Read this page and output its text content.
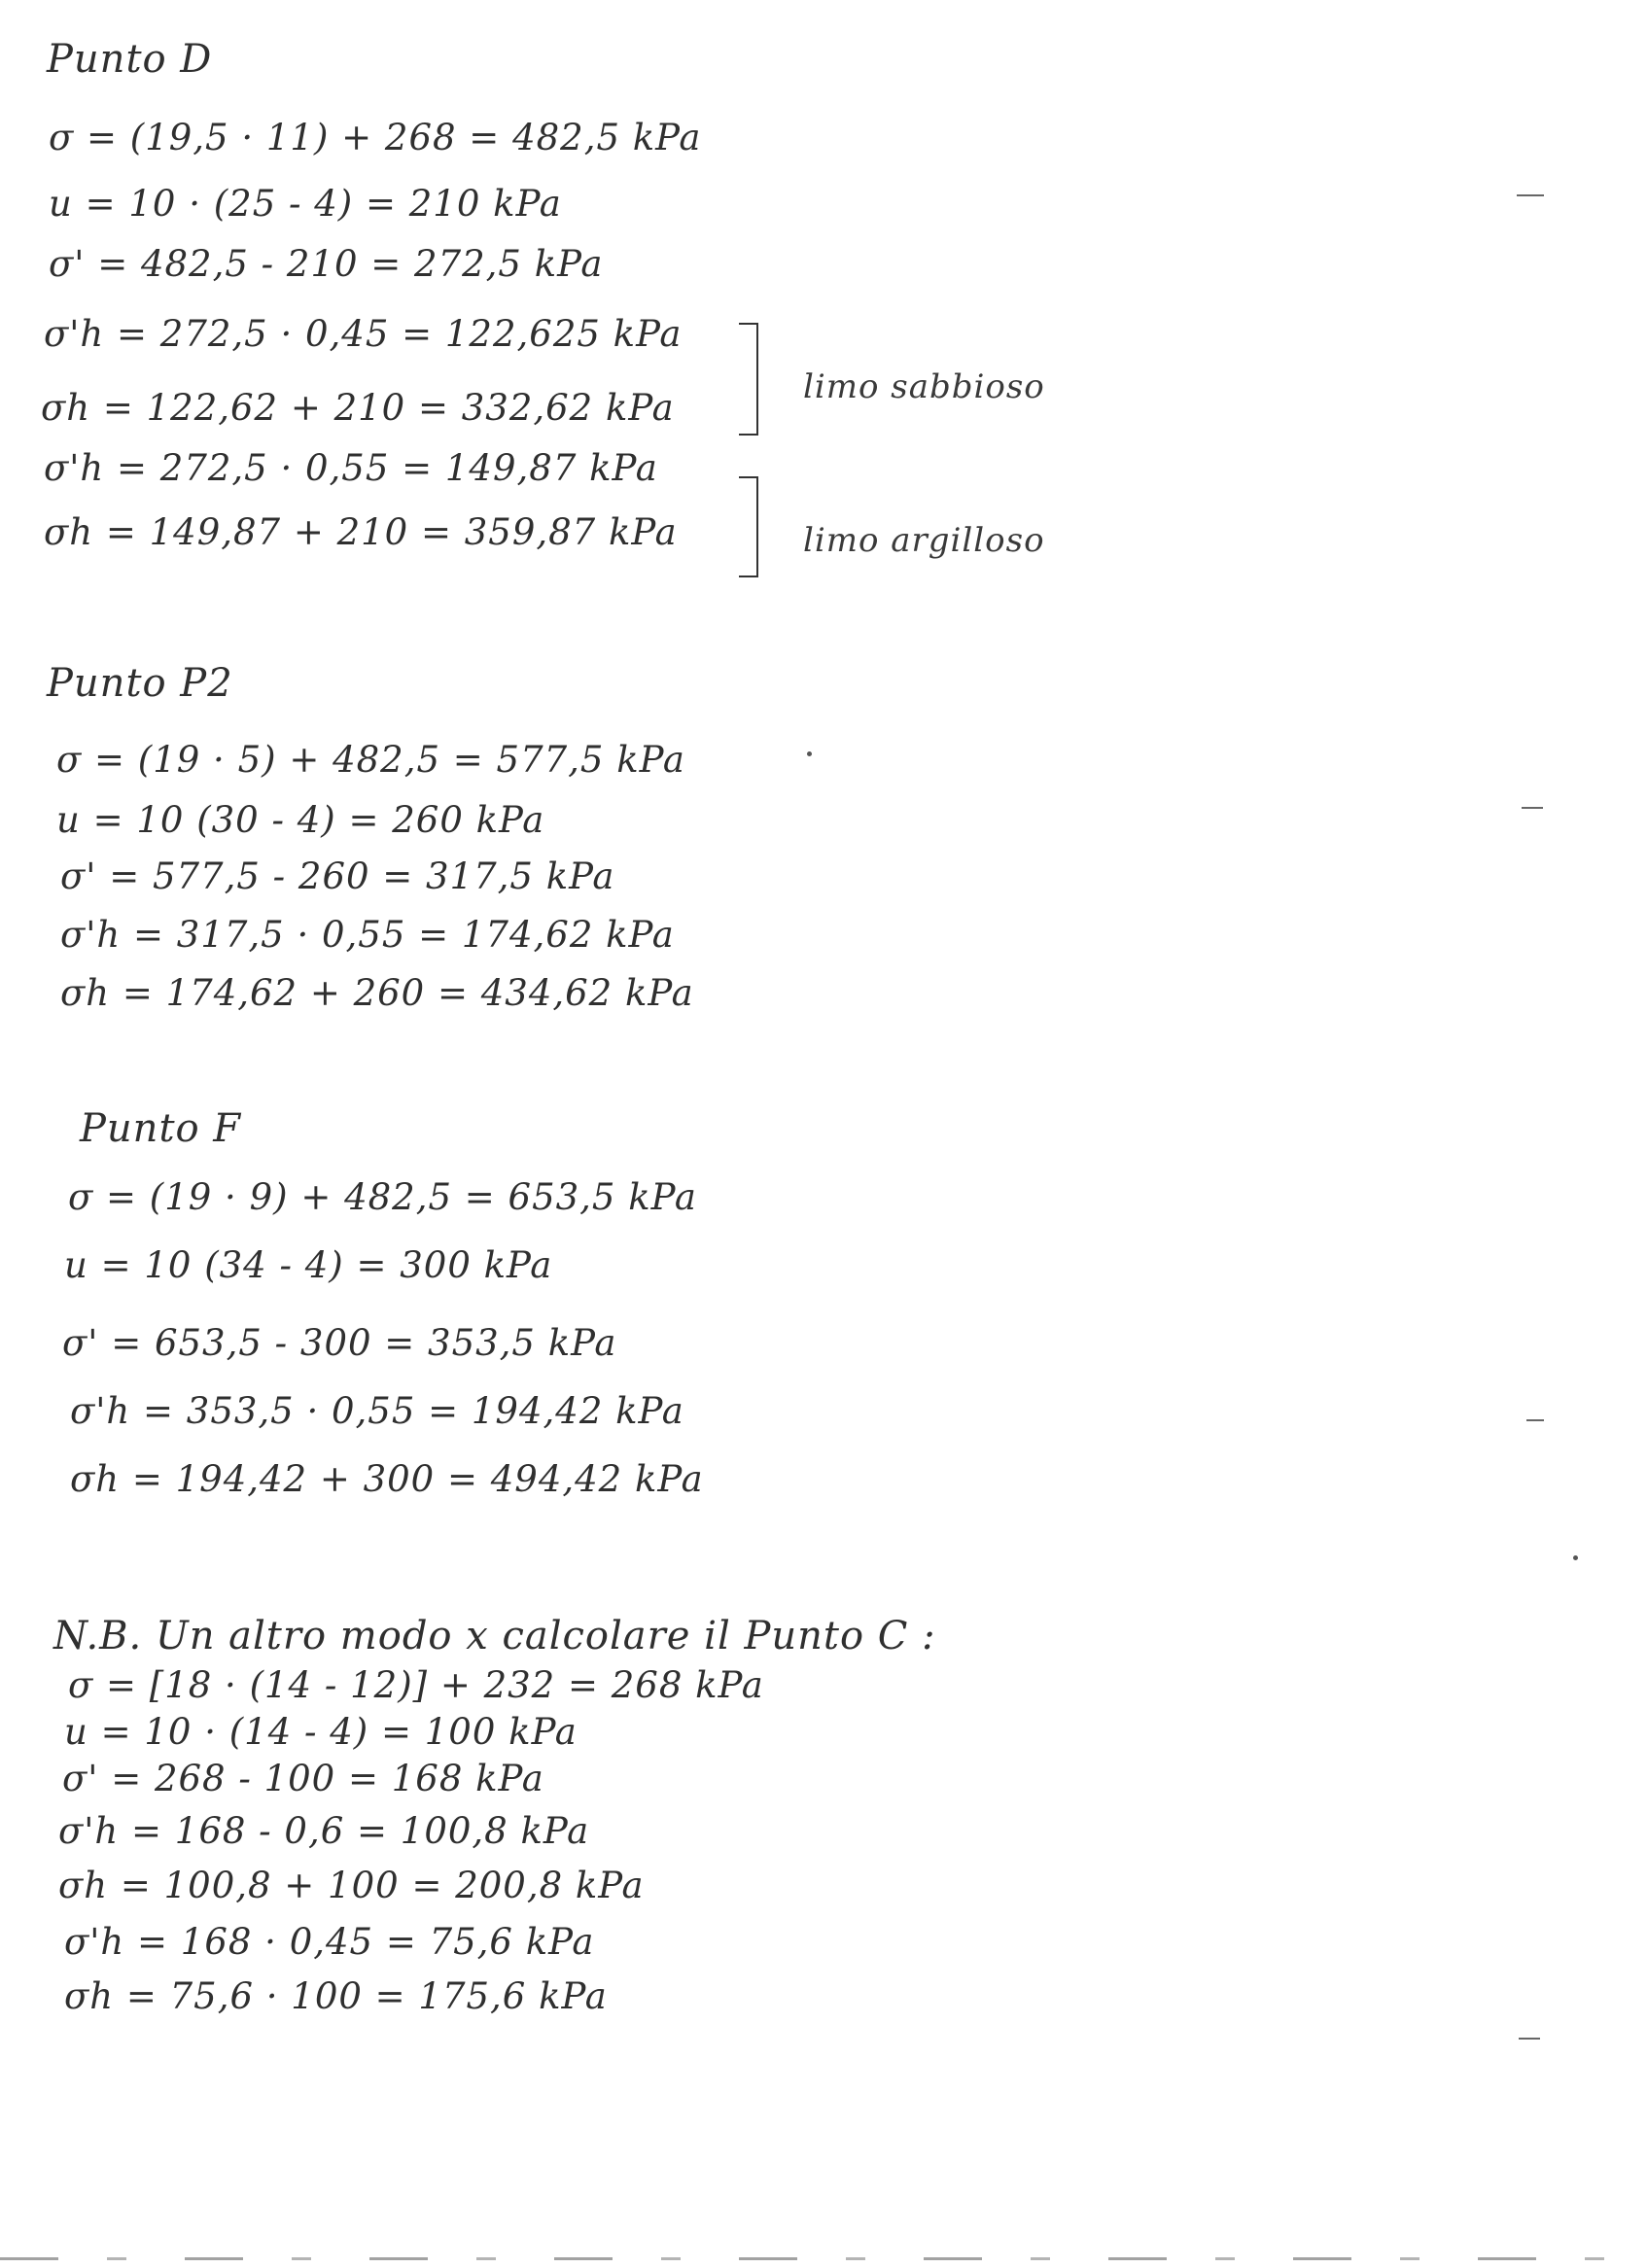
Punto D
σ = (19,5 · 11) + 268 = 482,5 kPa
u = 10 · (25 - 4) = 210 kPa
σ' = 482,5 - 210 = 272,5 kPa
σ'h = 272,5 · 0,45 = 122,625 kPa
σh = 122,62 + 210 = 332,62 kPa
σ'h = 272,5 · 0,55 = 149,87 kPa
σh = 149,87 + 210 = 359,87 kPa
limo sabbioso
limo argilloso
Punto P2
σ = (19 · 5) + 482,5 = 577,5 kPa
u = 10 (30 - 4) = 260 kPa
σ' = 577,5 - 260 = 317,5 kPa
σ'h = 317,5 · 0,55 = 174,62 kPa
σh = 174,62 + 260 = 434,62 kPa
Punto F
σ = (19 · 9) + 482,5 = 653,5 kPa
u = 10 (34 - 4) = 300 kPa
σ' = 653,5 - 300 = 353,5 kPa
σ'h = 353,5 · 0,55 = 194,42 kPa
σh = 194,42 + 300 = 494,42 kPa
N.B. Un altro modo x calcolare il Punto C :
σ = [18 · (14 - 12)] + 232 = 268 kPa
u = 10 · (14 - 4) = 100 kPa
σ' = 268 - 100 = 168 kPa
σ'h = 168 - 0,6 = 100,8 kPa
σh = 100,8 + 100 = 200,8 kPa
σ'h = 168 · 0,45 = 75,6 kPa
σh = 75,6 · 100 = 175,6 kPa
